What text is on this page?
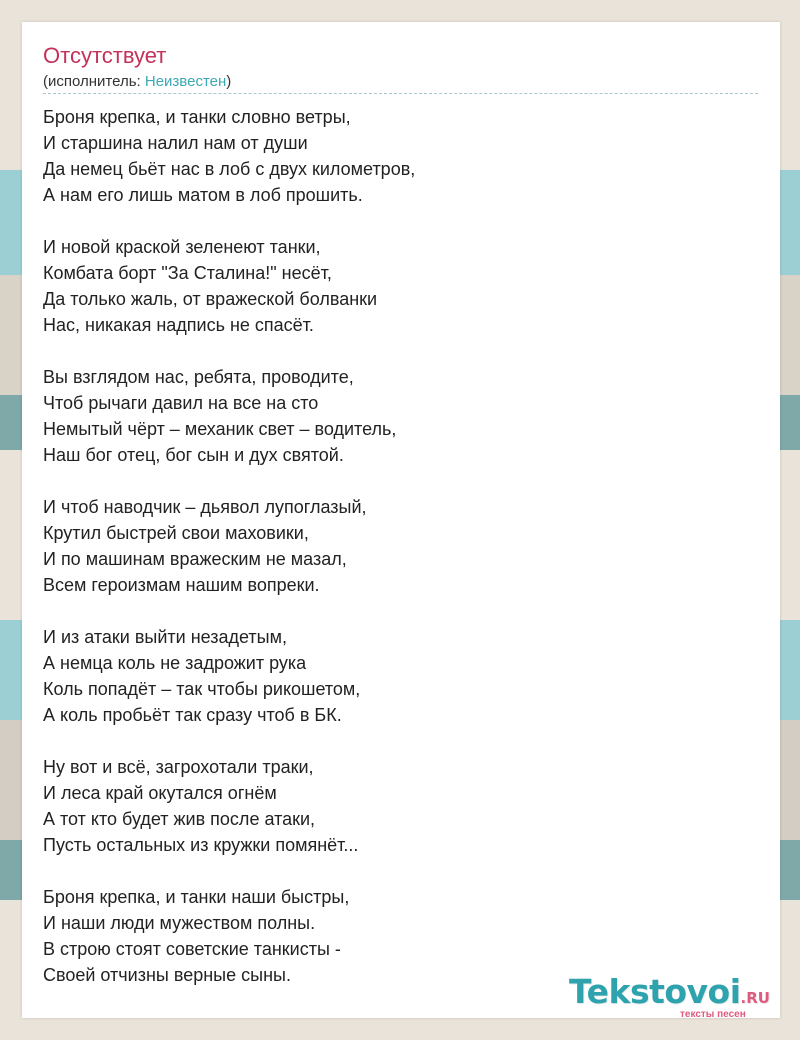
Отсутствует
(исполнитель: Неизвестен)
Броня крепка, и танки словно ветры,
И старшина налил нам от души
Да немец бьёт нас в лоб с двух километров,
А нам его лишь матом в лоб прошить.
И новой краской зеленеют танки,
Комбата борт "За Сталина!" несёт,
Да только жаль, от вражеской болванки
Нас, никакая надпись не спасёт.
Вы взглядом нас, ребята, проводите,
Чтоб рычаги давил на все на сто
Немытый чёрт – механик свет – водитель,
Наш бог отец, бог сын и дух святой.
И чтоб наводчик – дьявол лупоглазый,
Крутил быстрей свои маховики,
И по машинам вражеским не мазал,
Всем героизмам нашим вопреки.
И из атаки выйти незадетым,
А немца коль не задрожит рука
Коль попадёт – так чтобы рикошетом,
А коль пробьёт так сразу чтоб в БК.
Ну вот и всё, загрохотали траки,
И леса край окутался огнём
А тот кто будет жив после атаки,
Пусть остальных из кружки помянёт...
Броня крепка, и танки наши быстры,
И наши люди мужеством полны.
В строю стоят советские танкисты -
Своей отчизны верные сыны.	Tekstovoi.RU
тексты песен
